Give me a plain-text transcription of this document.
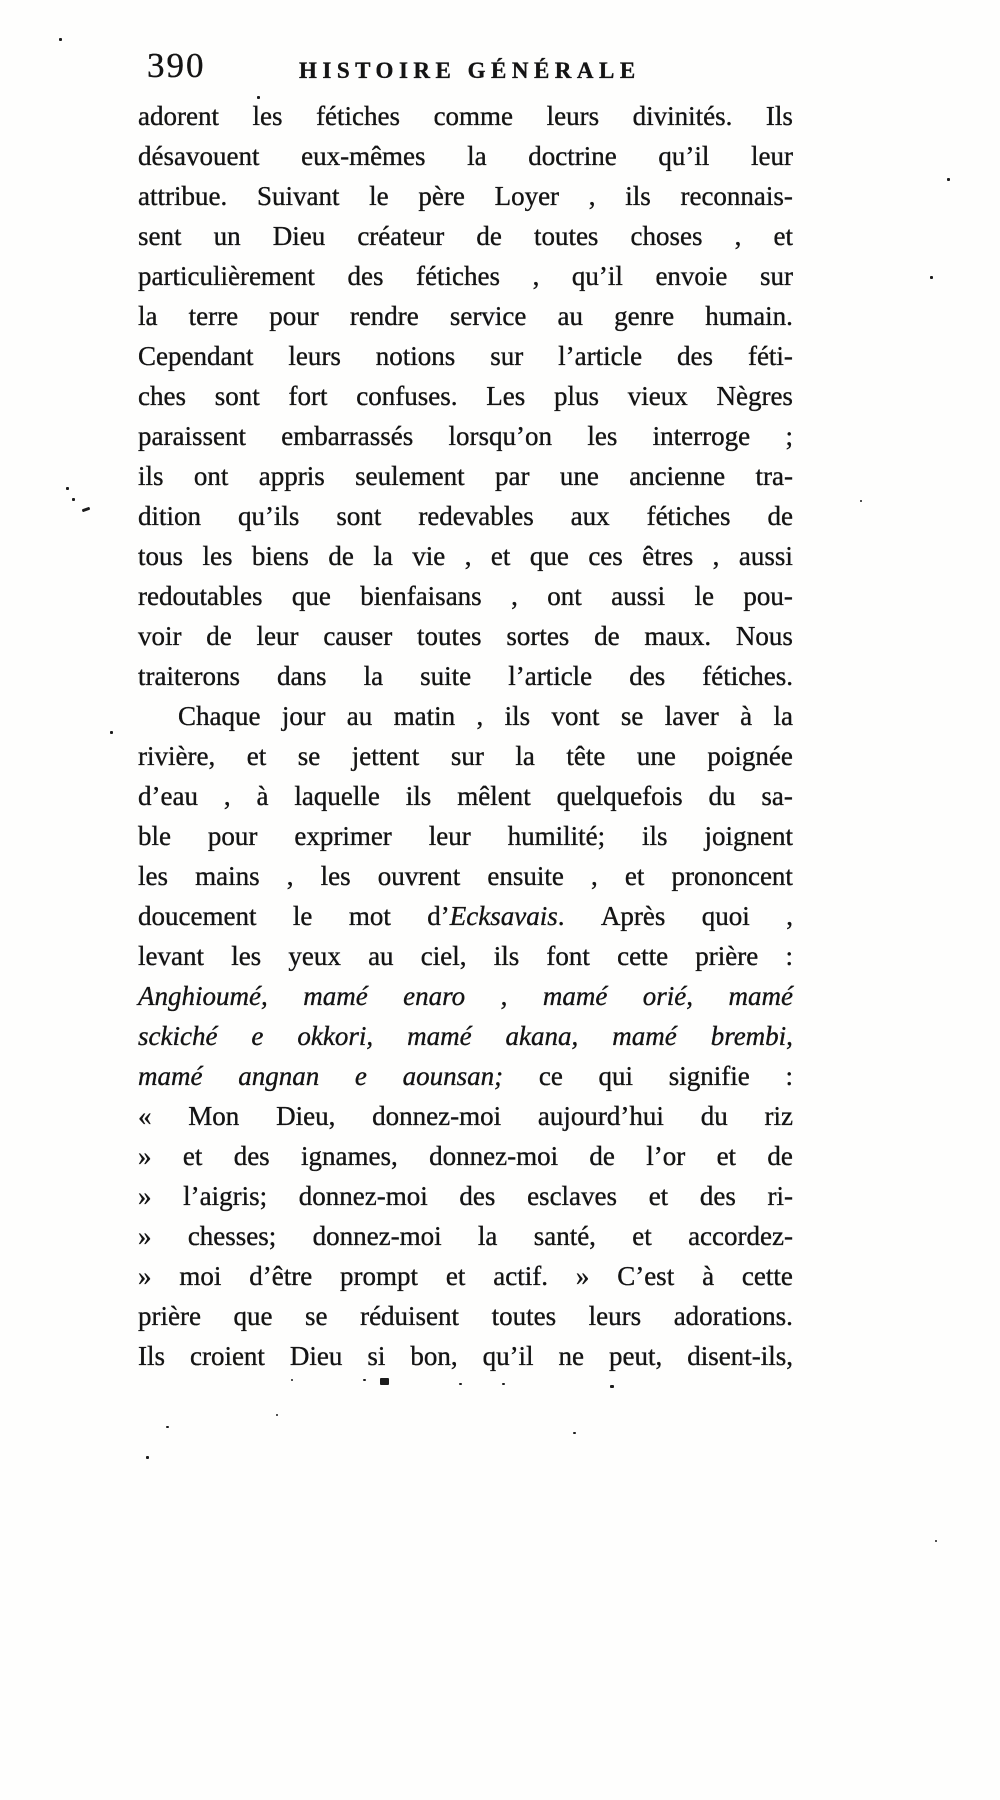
390	HISTOIRE GÉNÉRALE
adorent les fétiches comme leurs divinités. Ils
désavouent eux-mêmes la doctrine qu’il leur
attribue. Suivant le père Loyer , ils reconnais-
sent un Dieu créateur de toutes choses , et
particulièrement des fétiches , qu’il envoie sur
la terre pour rendre service au genre humain.
Cependant leurs notions sur l’article des féti-
ches sont fort confuses. Les plus vieux Nègres
paraissent embarrassés lorsqu’on les interroge ;
ils ont appris seulement par une ancienne tra-
dition qu’ils sont redevables aux fétiches de
tous les biens de la vie , et que ces êtres , aussi
redoutables que bienfaisans , ont aussi le pou-
voir de leur causer toutes sortes de maux. Nous
traiterons dans la suite l’article des fétiches.
Chaque jour au matin , ils vont se laver à la
rivière, et se jettent sur la tête une poignée
d’eau , à laquelle ils mêlent quelquefois du sa-
ble pour exprimer leur humilité; ils joignent
les mains , les ouvrent ensuite , et prononcent
doucement le mot d’Ecksavais. Après quoi ,
levant les yeux au ciel, ils font cette prière :
Anghioumé, mamé enaro , mamé orié, mamé
sckiché e okkori, mamé akana, mamé brembi,
mamé angnan e aounsan; ce qui signifie :
« Mon Dieu, donnez-moi aujourd’hui du riz
» et des ignames, donnez-moi de l’or et de
» l’aigris; donnez-moi des esclaves et des ri-
» chesses; donnez-moi la santé, et accordez-
» moi d’être prompt et actif. » C’est à cette
prière que se réduisent toutes leurs adorations.
Ils croient Dieu si bon, qu’il ne peut, disent-ils,
